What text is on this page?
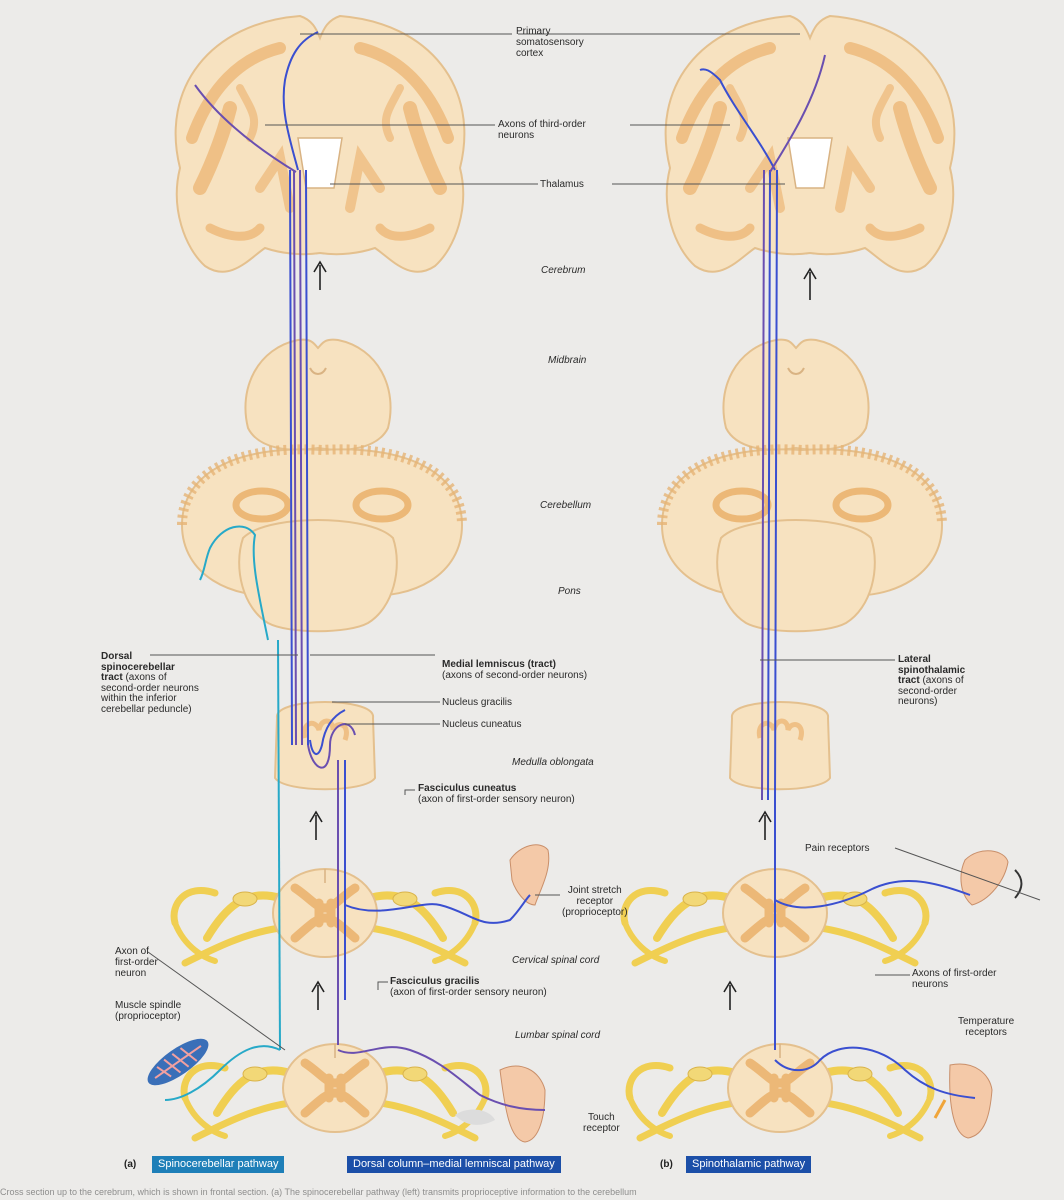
Primary
somatosensory
cortex
Axons of third-order
neurons
Thalamus
Cerebrum
Midbrain
Cerebellum
Pons
Dorsal
spinocerebellar
tract (axons of
second-order neurons
within the inferior
cerebellar peduncle)
Medial lemniscus (tract)
(axons of second-order neurons)
Nucleus gracilis
Nucleus cuneatus
Medulla oblongata
Fasciculus cuneatus
(axon of first-order sensory neuron)
Lateral
spinothalamic
tract (axons of
second-order
neurons)
Pain receptors
Joint stretch
receptor
(proprioceptor)
Cervical spinal cord
Axon of
first-order
neuron
Muscle spindle
(proprioceptor)
Fasciculus gracilis
(axon of first-order sensory neuron)
Lumbar spinal cord
Axons of first-order
neurons
Temperature
receptors
Touch
receptor
(a)	Spinocerebellar pathway	Dorsal column–medial lemniscal pathway	(b)	Spinothalamic pathway
Cross section up to the cerebrum, which is shown in frontal section. (a) The spinocerebellar pathway (left) transmits proprioceptive information to the cerebellum
